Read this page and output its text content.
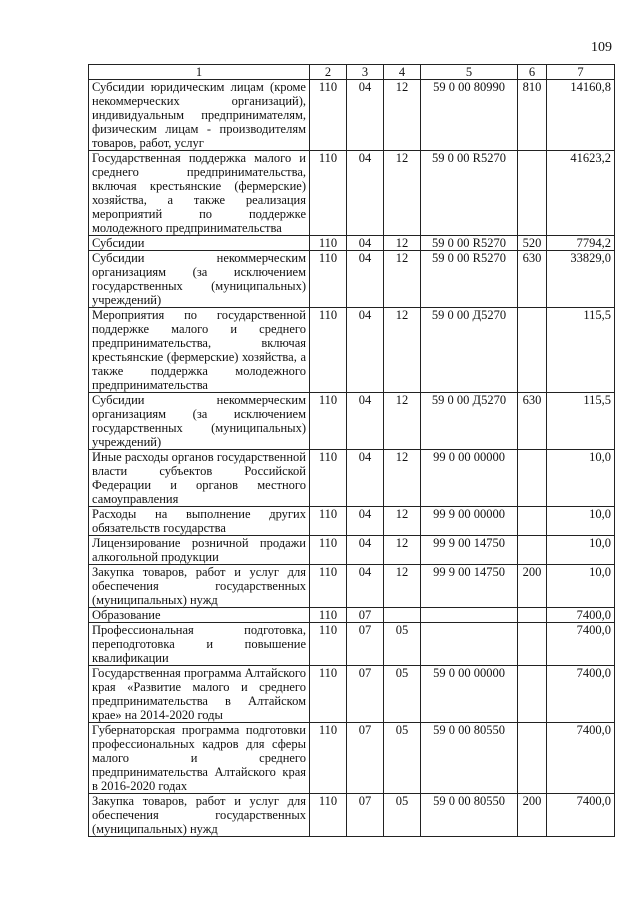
109
1	2	3	4	5	6	7
Субсидии юридическим лицам (кроме некоммерческих организаций), индивидуальным предпринимателям, физическим лицам - производителям товаров, работ, услуг	110	04	12	59 0 00 80990	810	14160,8
Государственная поддержка малого и среднего предпринимательства, включая крестьянские (фермерские) хозяйства, а также реализация мероприятий по поддержке молодежного предпринимательства	110	04	12	59 0 00 R5270		41623,2
Субсидии	110	04	12	59 0 00 R5270	520	7794,2
Субсидии некоммерческим организациям (за исключением государственных (муниципальных) учреждений)	110	04	12	59 0 00 R5270	630	33829,0
Мероприятия по государственной поддержке малого и среднего предпринимательства, включая крестьянские (фермерские) хозяйства, а также поддержка молодежного предпринимательства	110	04	12	59 0 00 Д5270		115,5
Субсидии некоммерческим организациям (за исключением государственных (муниципальных) учреждений)	110	04	12	59 0 00 Д5270	630	115,5
Иные расходы органов государственной власти субъектов Российской Федерации и органов местного самоуправления	110	04	12	99 0 00 00000		10,0
Расходы на выполнение других обязательств государства	110	04	12	99 9 00 00000		10,0
Лицензирование розничной продажи алкогольной продукции	110	04	12	99 9 00 14750		10,0
Закупка товаров, работ и услуг для обеспечения государственных (муниципальных) нужд	110	04	12	99 9 00 14750	200	10,0
Образование	110	07				7400,0
Профессиональная подготовка, переподготовка и повышение квалификации	110	07	05			7400,0
Государственная программа Алтайского края «Развитие малого и среднего предпринимательства в Алтайском крае» на 2014-2020 годы	110	07	05	59 0 00 00000		7400,0
Губернаторская программа подготовки профессиональных кадров для сферы малого и среднего предпринимательства Алтайского края в 2016-2020 годах	110	07	05	59 0 00 80550		7400,0
Закупка товаров, работ и услуг для обеспечения государственных (муниципальных) нужд	110	07	05	59 0 00 80550	200	7400,0
